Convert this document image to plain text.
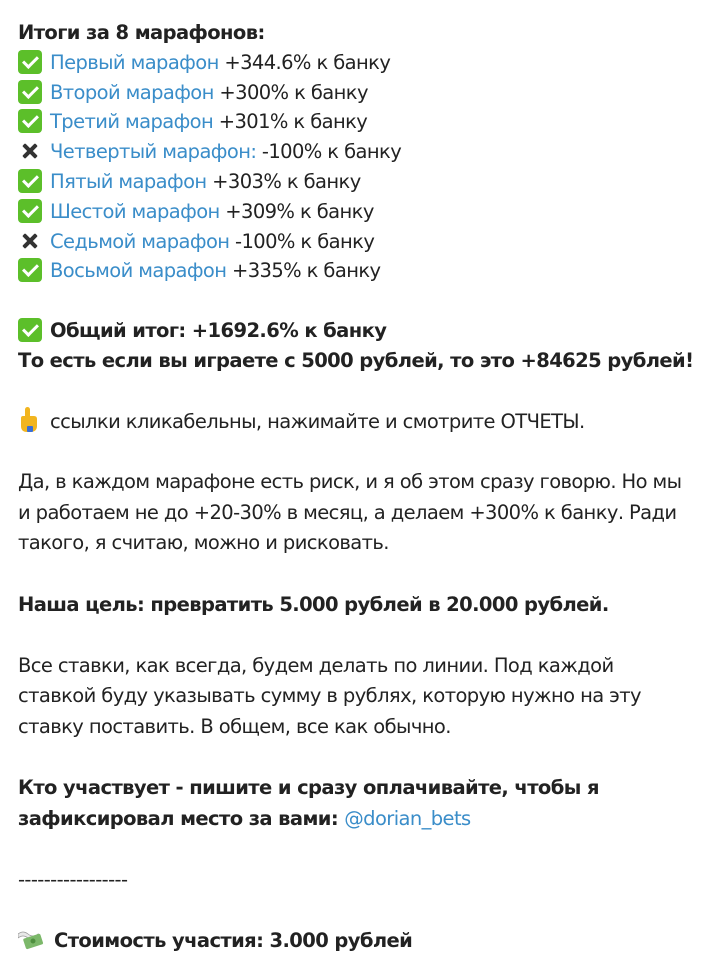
Итоги за 8 марафонов:
Первый марафон +344.6% к банку
Второй марафон +300% к банку
Третий марафон +301% к банку
Четвертый марафон: -100% к банку
Пятый марафон +303% к банку
Шестой марафон +309% к банку
Седьмой марафон -100% к банку
Восьмой марафон +335% к банку
Общий итог: +1692.6% к банку
То есть если вы играете с 5000 рублей, то это +84625 рублей!
ссылки кликабельны, нажимайте и смотрите ОТЧЕТЫ.
Да, в каждом марафоне есть риск, и я об этом сразу говорю. Но мы и работаем не до +20-30% в месяц, а делаем +300% к банку. Ради такого, я считаю, можно и рисковать.
Наша цель: превратить 5.000 рублей в 20.000 рублей.
Все ставки, как всегда, будем делать по линии. Под каждой ставкой буду указывать сумму в рублях, которую нужно на эту ставку поставить. В общем, все как обычно.
Кто участвует - пишите и сразу оплачивайте, чтобы я зафиксировал место за вами: @dorian_bets
-----------------
Стоимость участия: 3.000 рублей
